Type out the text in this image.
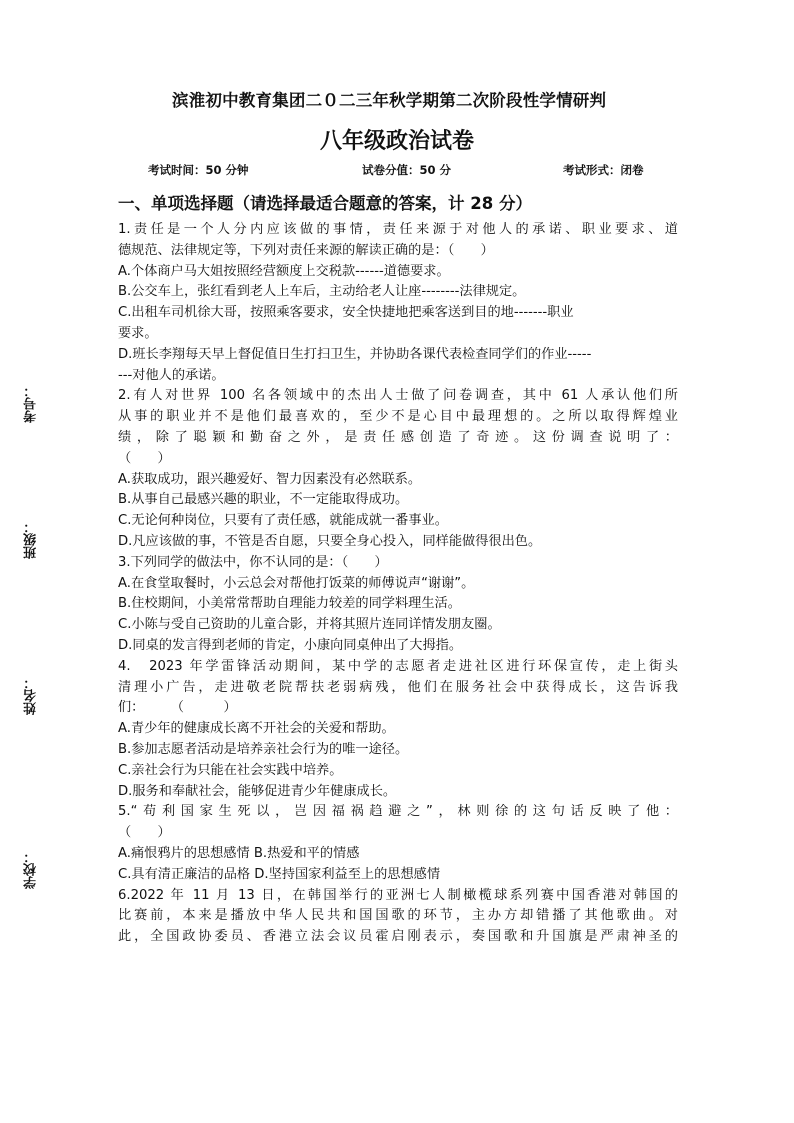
滨淮初中教育集团二０二三年秋学期第二次阶段性学情研判
八年级政治试卷
考试时间：50 分钟	试卷分值：50 分	考试形式：闭卷
考号：
班级：
姓名：
学校：
一、单项选择题（请选择最适合题意的答案，计 28 分）
1.责任是一个人分内应该做的事情，责任来源于对他人的承诺、职业要求、道
德规范、法律规定等，下列对责任来源的解读正确的是：（　　）
A.个体商户马大姐按照经营额度上交税款------道德要求。
B.公交车上，张红看到老人上车后，主动给老人让座--------法律规定。
C.出租车司机徐大哥，按照乘客要求，安全快捷地把乘客送到目的地-------职业
要求。
D.班长李翔每天早上督促值日生打扫卫生，并协助各课代表检查同学们的作业-----
---对他人的承诺。
2.有人对世界 100 名各领域中的杰出人士做了问卷调查，其中 61 人承认他们所
从事的职业并不是他们最喜欢的，至少不是心目中最理想的。之所以取得辉煌业
绩，除了聪颖和勤奋之外，是责任感创造了奇迹。这份调查说明了：
（　　）
A.获取成功，跟兴趣爱好、智力因素没有必然联系。
B.从事自己最感兴趣的职业，不一定能取得成功。
C.无论何种岗位，只要有了责任感，就能成就一番事业。
D.凡应该做的事，不管是否自愿，只要全身心投入，同样能做得很出色。
3.下列同学的做法中，你不认同的是：（　　）
A.在食堂取餐时，小云总会对帮他打饭菜的师傅说声“谢谢”。
B.住校期间，小美常常帮助自理能力较差的同学料理生活。
C.小陈与受自己资助的儿童合影，并将其照片连同详情发朋友圈。
D.同桌的发言得到老师的肯定，小康向同桌伸出了大拇指。
4.　2023 年学雷锋活动期间，某中学的志愿者走进社区进行环保宣传，走上街头
清理小广告，走进敬老院帮扶老弱病残，他们在服务社会中获得成长，这告诉我
们：　　　（　　　）
A.青少年的健康成长离不开社会的关爱和帮助。
B.参加志愿者活动是培养亲社会行为的唯一途径。
C.亲社会行为只能在社会实践中培养。
D.服务和奉献社会，能够促进青少年健康成长。
5.“苟利国家生死以，岂因福祸趋避之”，林则徐的这句话反映了他：
（　　）
A.痛恨鸦片的思想感情 B.热爱和平的情感
C.具有清正廉洁的品格 D.坚持国家利益至上的思想感情
6.2022 年 11 月 13 日，在韩国举行的亚洲七人制橄榄球系列赛中国香港对韩国的
比赛前，本来是播放中华人民共和国国歌的环节，主办方却错播了其他歌曲。对
此，全国政协委员、香港立法会议员霍启刚表示，奏国歌和升国旗是严肃神圣的
